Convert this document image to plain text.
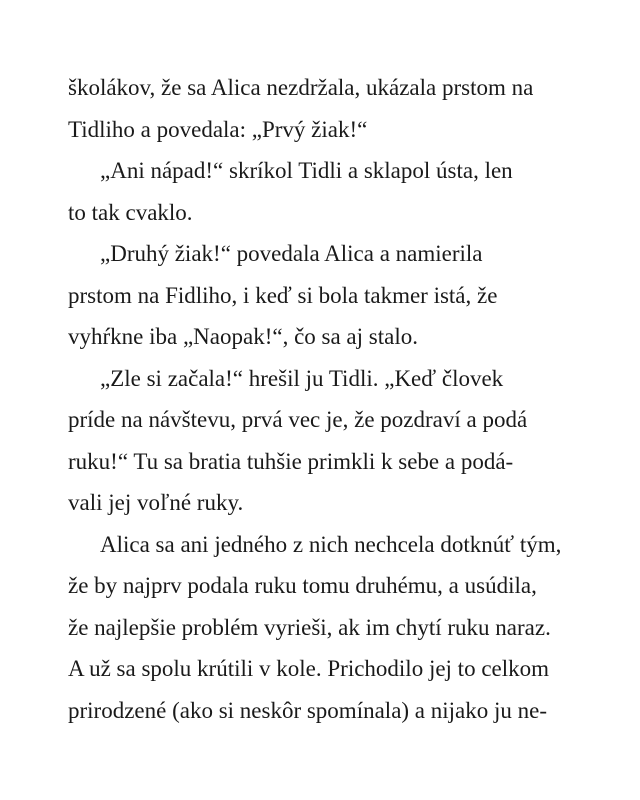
školákov, že sa Alica nezdržala, ukázala prstom na
Tidliho a povedala: „Prvý žiak!“
„Ani nápad!“ skríkol Tidli a sklapol ústa, len
to tak cvaklo.
„Druhý žiak!“ povedala Alica a namierila
prstom na Fidliho, i keď si bola takmer istá, že
vyhŕkne iba „Naopak!“, čo sa aj stalo.
„Zle si začala!“ hrešil ju Tidli. „Keď človek
príde na návštevu, prvá vec je, že pozdraví a podá
ruku!“ Tu sa bratia tuhšie primkli k sebe a podá-
vali jej voľné ruky.
Alica sa ani jedného z nich nechcela dotknúť tým,
že by najprv podala ruku tomu druhému, a usúdila,
že najlepšie problém vyrieši, ak im chytí ruku naraz.
A už sa spolu krútili v kole. Prichodilo jej to celkom
prirodzené (ako si neskôr spomínala) a nijako ju ne-
